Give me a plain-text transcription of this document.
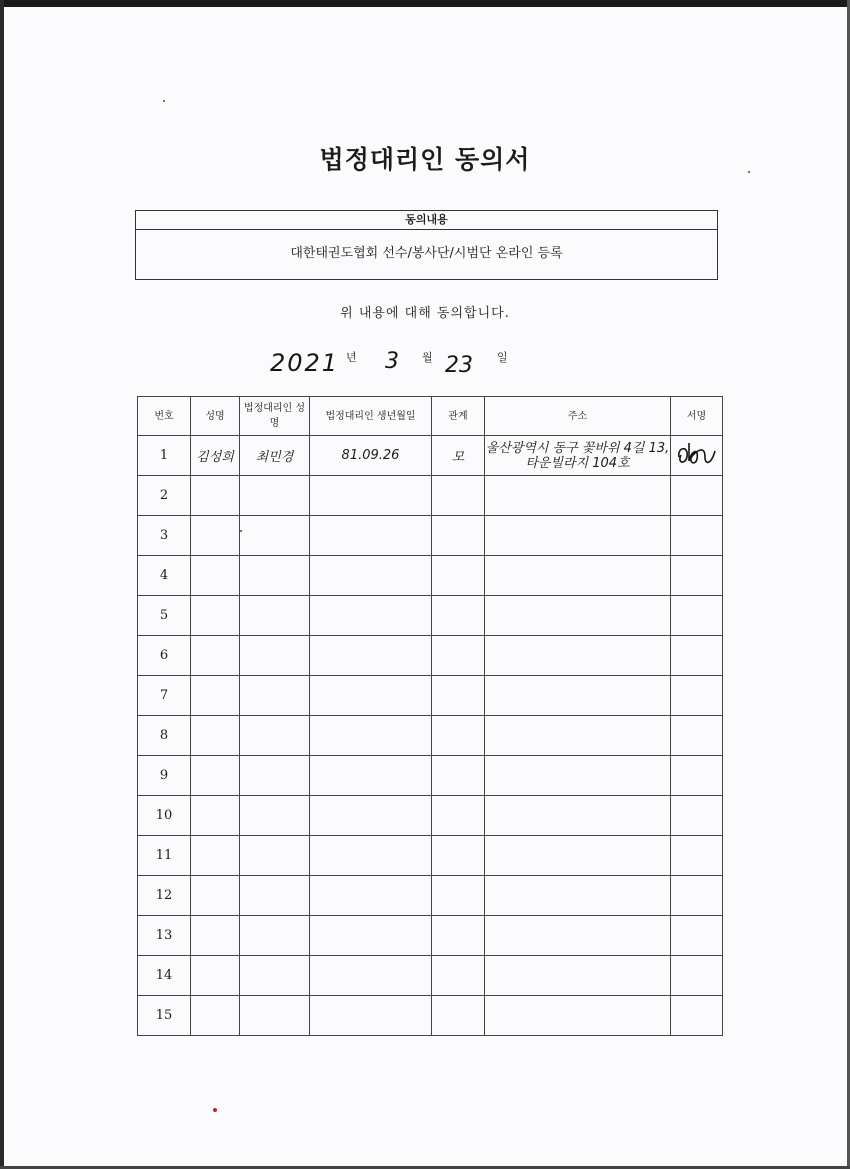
법정대리인 동의서
동의내용
대한태권도협회 선수/봉사단/시범단 온라인 등록
위 내용에 대해 동의합니다.
2021 년 3 월 23 일
번호	성명	법정대리인 성명	법정대리인 생년월일	관계	주소	서명
1	김성희	최민경	81.09.26	모	울산광역시 동구 꽃바위 4길 13, 타운빌라지 104호	
2						
3						
4						
5						
6						
7						
8						
9						
10						
11						
12						
13						
14						
15						
